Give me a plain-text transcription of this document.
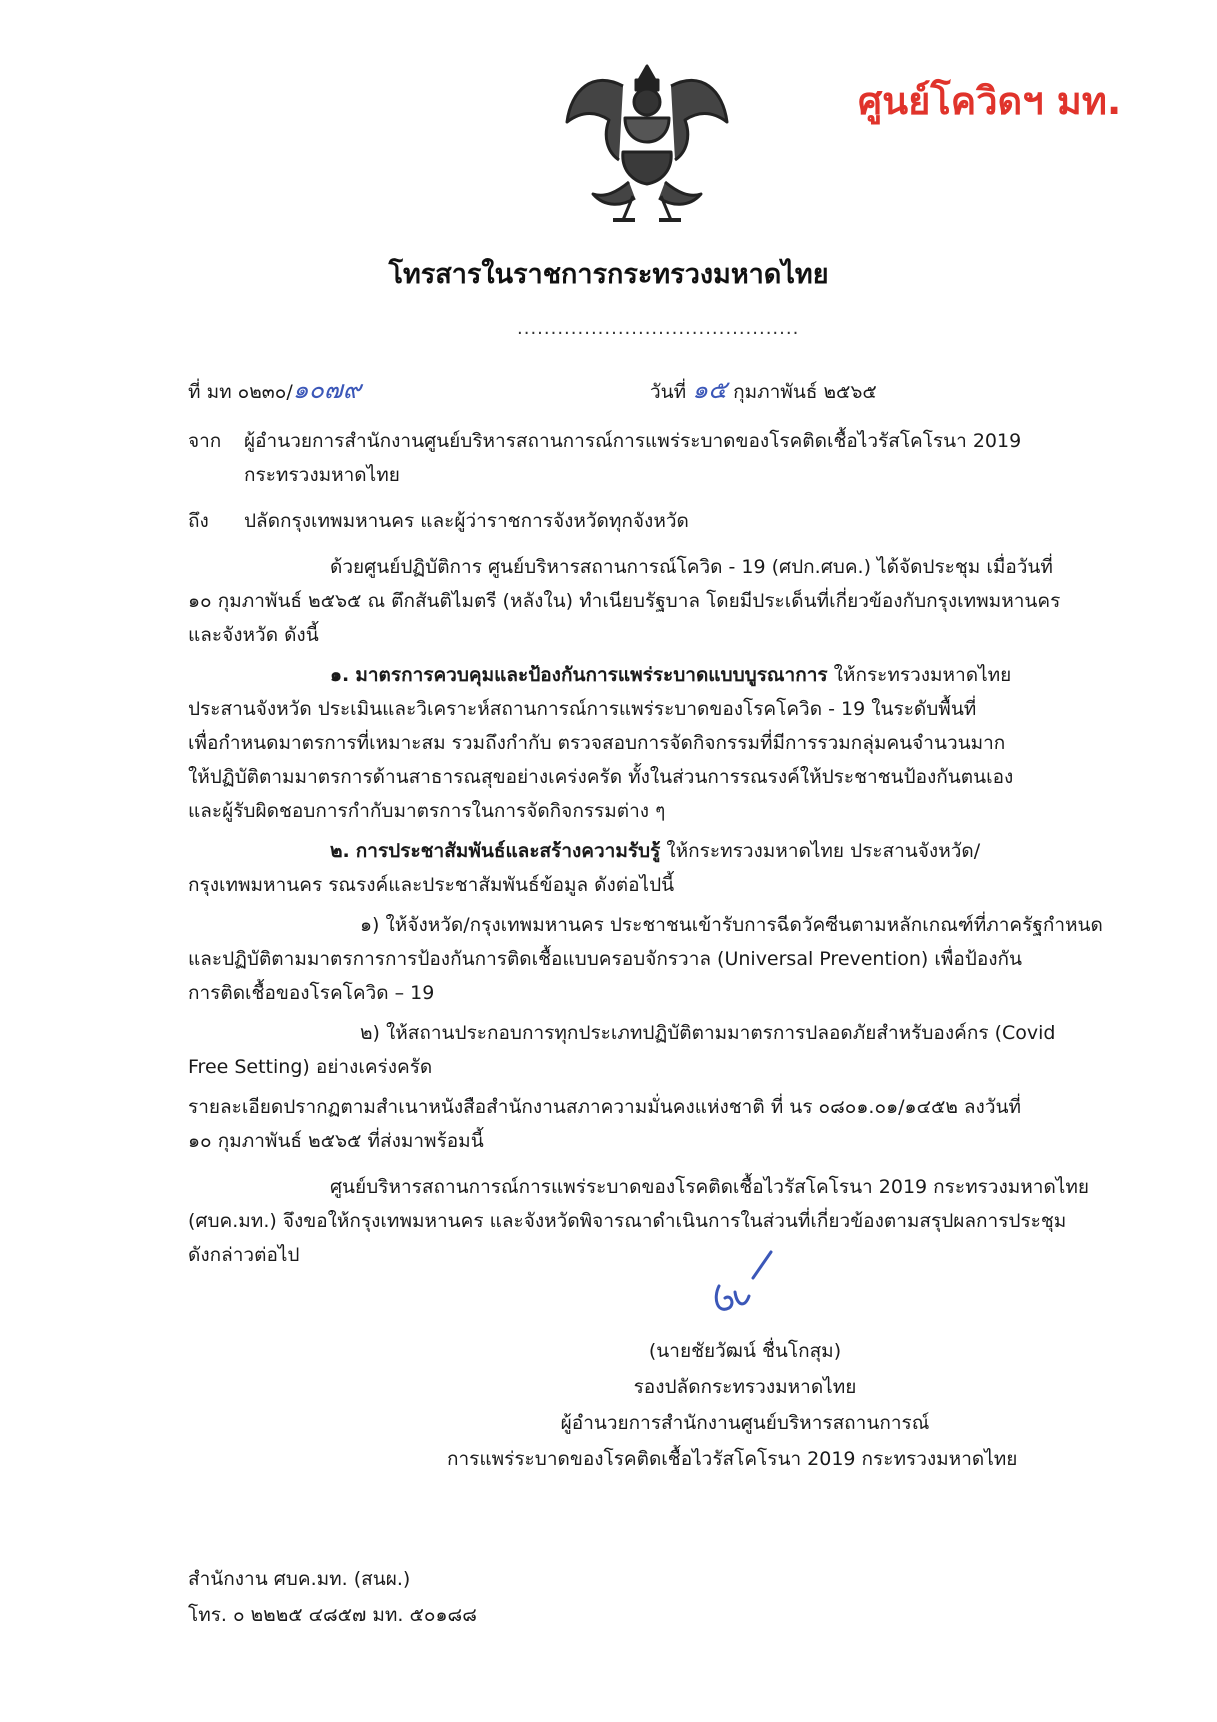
ศูนย์โควิดฯ มท.
โทรสารในราชการกระทรวงมหาดไทย
..........................................
ที่ มท ๐๒๓๐/๑๐๗๙	วันที่ ๑๕ กุมภาพันธ์ ๒๕๖๕
จาก ผู้อำนวยการสำนักงานศูนย์บริหารสถานการณ์การแพร่ระบาดของโรคติดเชื้อไวรัสโคโรนา 2019
กระทรวงมหาดไทย
ถึง ปลัดกรุงเทพมหานคร และผู้ว่าราชการจังหวัดทุกจังหวัด
ด้วยศูนย์ปฏิบัติการ ศูนย์บริหารสถานการณ์โควิด - 19 (ศปก.ศบค.) ได้จัดประชุม เมื่อวันที่
๑๐ กุมภาพันธ์ ๒๕๖๕ ณ ตึกสันติไมตรี (หลังใน) ทำเนียบรัฐบาล โดยมีประเด็นที่เกี่ยวข้องกับกรุงเทพมหานคร
และจังหวัด ดังนี้
๑. มาตรการควบคุมและป้องกันการแพร่ระบาดแบบบูรณาการ ให้กระทรวงมหาดไทย
ประสานจังหวัด ประเมินและวิเคราะห์สถานการณ์การแพร่ระบาดของโรคโควิด - 19 ในระดับพื้นที่
เพื่อกำหนดมาตรการที่เหมาะสม รวมถึงกำกับ ตรวจสอบการจัดกิจกรรมที่มีการรวมกลุ่มคนจำนวนมาก
ให้ปฏิบัติตามมาตรการด้านสาธารณสุขอย่างเคร่งครัด ทั้งในส่วนการรณรงค์ให้ประชาชนป้องกันตนเอง
และผู้รับผิดชอบการกำกับมาตรการในการจัดกิจกรรมต่าง ๆ
๒. การประชาสัมพันธ์และสร้างความรับรู้ ให้กระทรวงมหาดไทย ประสานจังหวัด/
กรุงเทพมหานคร รณรงค์และประชาสัมพันธ์ข้อมูล ดังต่อไปนี้
๑) ให้จังหวัด/กรุงเทพมหานคร ประชาชนเข้ารับการฉีดวัคซีนตามหลักเกณฑ์ที่ภาครัฐกำหนด
และปฏิบัติตามมาตรการการป้องกันการติดเชื้อแบบครอบจักรวาล (Universal Prevention) เพื่อป้องกัน
การติดเชื้อของโรคโควิด – 19
๒) ให้สถานประกอบการทุกประเภทปฏิบัติตามมาตรการปลอดภัยสำหรับองค์กร (Covid
Free Setting) อย่างเคร่งครัด
รายละเอียดปรากฏตามสำเนาหนังสือสำนักงานสภาความมั่นคงแห่งชาติ ที่ นร ๐๘๐๑.๐๑/๑๔๕๒ ลงวันที่
๑๐ กุมภาพันธ์ ๒๕๖๕ ที่ส่งมาพร้อมนี้
ศูนย์บริหารสถานการณ์การแพร่ระบาดของโรคติดเชื้อไวรัสโคโรนา 2019 กระทรวงมหาดไทย
(ศบค.มท.) จึงขอให้กรุงเทพมหานคร และจังหวัดพิจารณาดำเนินการในส่วนที่เกี่ยวข้องตามสรุปผลการประชุม
ดังกล่าวต่อไป
(นายชัยวัฒน์ ชื่นโกสุม)
รองปลัดกระทรวงมหาดไทย
ผู้อำนวยการสำนักงานศูนย์บริหารสถานการณ์
การแพร่ระบาดของโรคติดเชื้อไวรัสโคโรนา 2019 กระทรวงมหาดไทย
สำนักงาน ศบค.มท. (สนผ.)
โทร. ๐ ๒๒๒๕ ๔๘๕๗ มท. ๕๐๑๘๘
